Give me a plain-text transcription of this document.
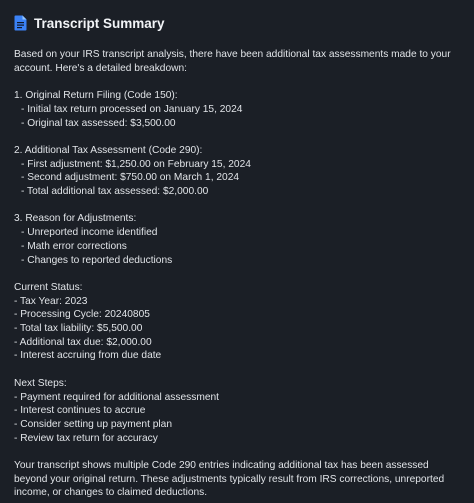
Transcript Summary

Based on your IRS transcript analysis, there have been additional tax assessments made to your account. Here's a detailed breakdown:

1. Original Return Filing (Code 150):
- Initial tax return processed on January 15, 2024
- Original tax assessed: $3,500.00
2. Additional Tax Assessment (Code 290):
- First adjustment: $1,250.00 on February 15, 2024
- Second adjustment: $750.00 on March 1, 2024
- Total additional tax assessed: $2,000.00
3. Reason for Adjustments:
- Unreported income identified
- Math error corrections
- Changes to reported deductions
Current Status:
- Tax Year: 2023
- Processing Cycle: 20240805
- Total tax liability: $5,500.00
- Additional tax due: $2,000.00
- Interest accruing from due date
Next Steps:
- Payment required for additional assessment
- Interest continues to accrue
- Consider setting up payment plan
- Review tax return for accuracy

Your transcript shows multiple Code 290 entries indicating additional tax has been assessed beyond your original return. These adjustments typically result from IRS corrections, unreported income, or changes to claimed deductions.
